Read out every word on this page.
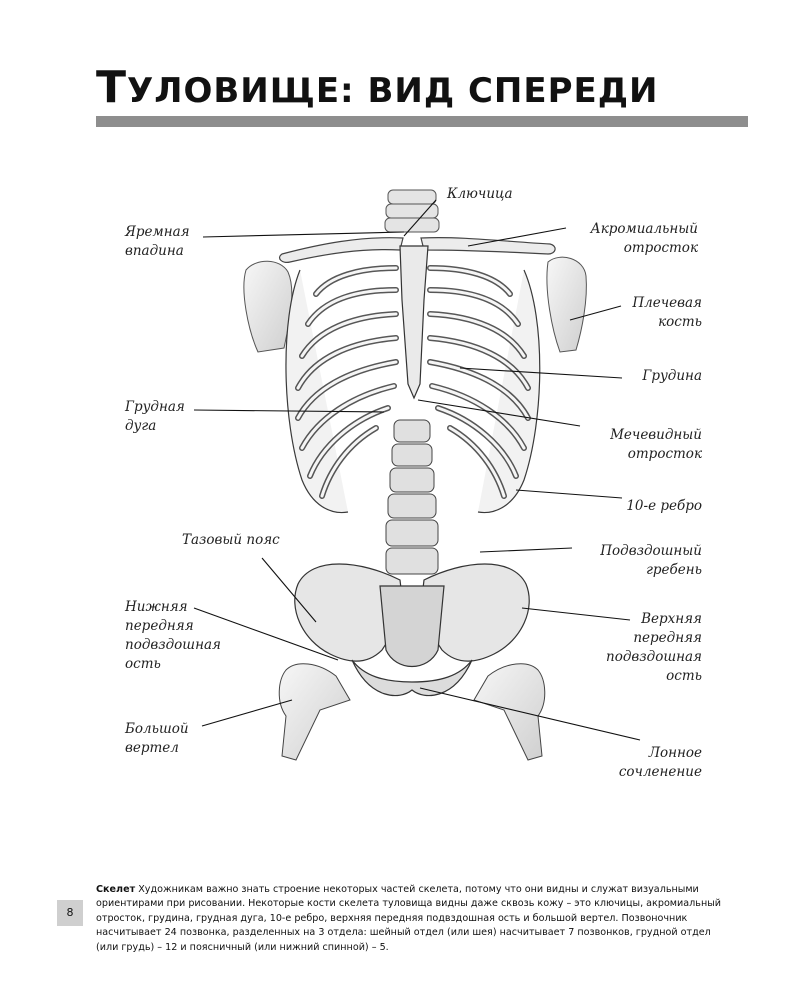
ТУЛОВИЩЕ: ВИД СПЕРЕДИ
Ключица
Яремная
впадина
Акромиальный
отросток
Плечевая
кость
Грудина
Грудная
дуга
Мечевидный
отросток
10-е ребро
Тазовый пояс
Подвздошный
гребень
Нижняя
передняя
подвздошная
ость
Верхняя
передняя
подвздошная
ость
Большой
вертел	Лонное
сочленение

Скелет Художникам важно знать строение некоторых частей скелета, потому что они видны и служат визуальными ориентирами при рисовании. Некоторые кости скелета туловища видны даже сквозь кожу – это ключицы, акромиальный отросток, грудина, грудная дуга, 10-е ребро, верхняя передняя подвздошная ость и большой вертел. Позвоночник насчитывает 24 позвонка, разделенных на 3 отдела: шейный отдел (или шея) насчитывает 7 позвонков, грудной отдел (или грудь) – 12 и поясничный (или нижний спинной) – 5.

8
